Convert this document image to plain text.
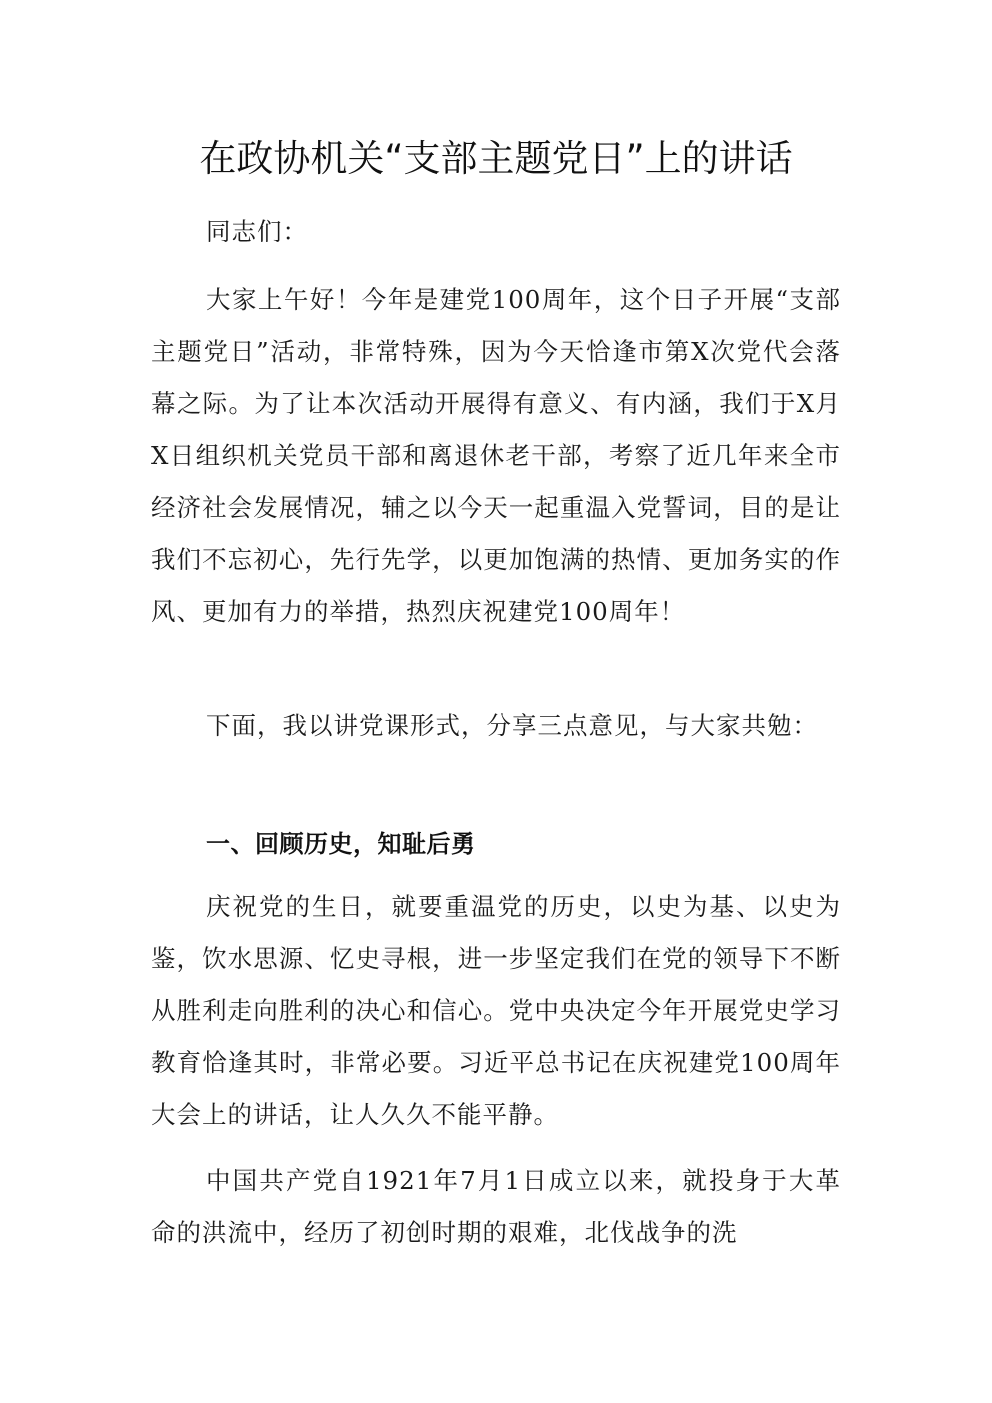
在政协机关“支部主题党日”上的讲话

同志们：

大家上午好！今年是建党100周年，这个日子开展“支部主题党日”活动，非常特殊，因为今天恰逢市第X次党代会落幕之际。为了让本次活动开展得有意义、有内涵，我们于X月X日组织机关党员干部和离退休老干部，考察了近几年来全市经济社会发展情况，辅之以今天一起重温入党誓词，目的是让我们不忘初心，先行先学，以更加饱满的热情、更加务实的作风、更加有力的举措，热烈庆祝建党100周年！

下面，我以讲党课形式，分享三点意见，与大家共勉：

一、回顾历史，知耻后勇

庆祝党的生日，就要重温党的历史，以史为基、以史为鉴，饮水思源、忆史寻根，进一步坚定我们在党的领导下不断从胜利走向胜利的决心和信心。党中央决定今年开展党史学习教育恰逢其时，非常必要。习近平总书记在庆祝建党100周年大会上的讲话，让人久久不能平静。

中国共产党自1921年7月1日成立以来，就投身于大革命的洪流中，经历了初创时期的艰难，北伐战争的洗
